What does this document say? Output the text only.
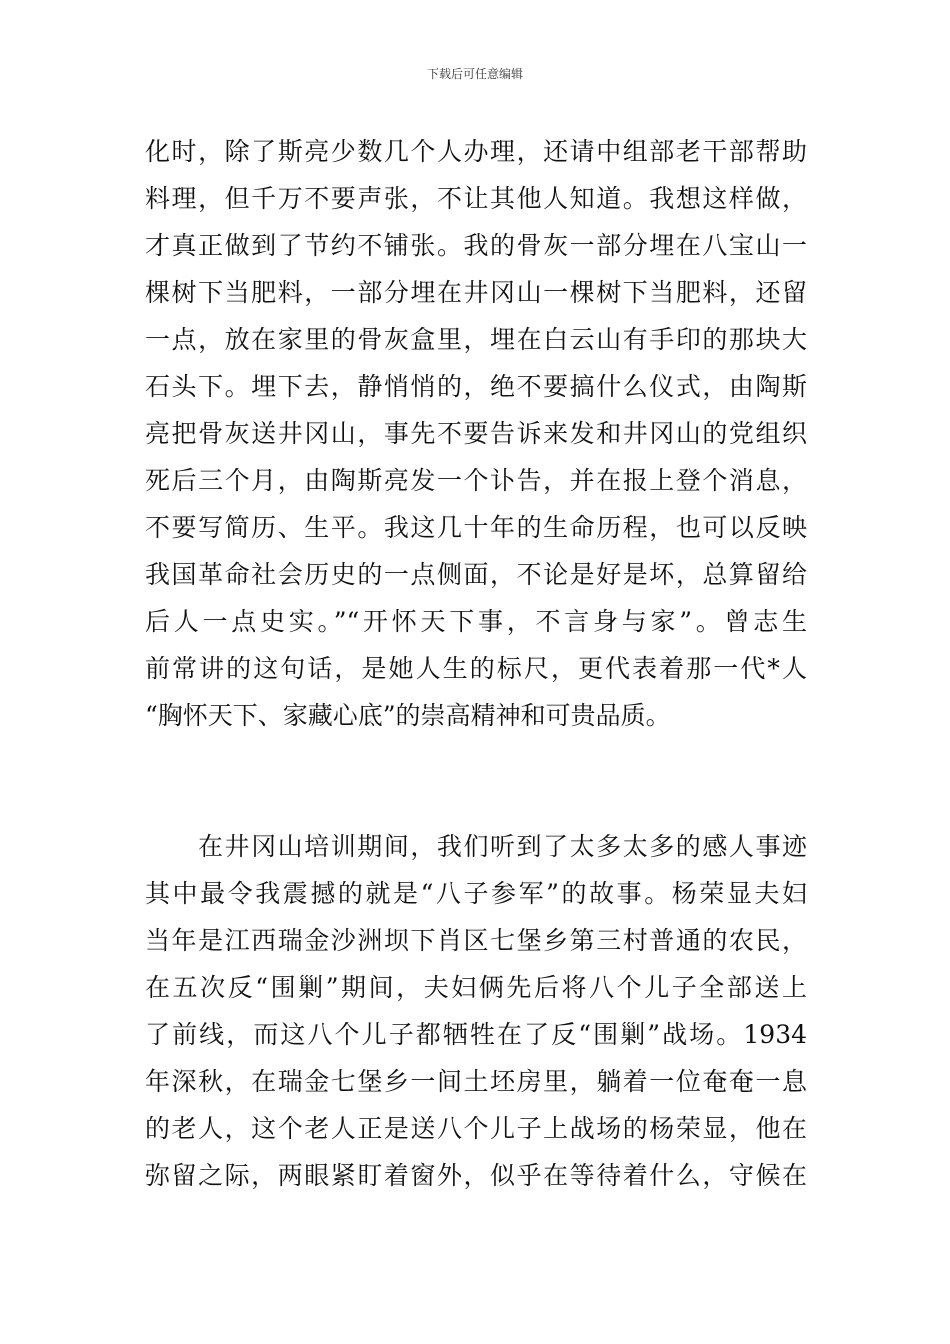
下载后可任意编辑
化时，除了斯亮少数几个人办理，还请中组部老干部帮助
料理，但千万不要声张，不让其他人知道。我想这样做，
才真正做到了节约不铺张。我的骨灰一部分埋在八宝山一
棵树下当肥料，一部分埋在井冈山一棵树下当肥料，还留
一点，放在家里的骨灰盒里，埋在白云山有手印的那块大
石头下。埋下去，静悄悄的，绝不要搞什么仪式，由陶斯
亮把骨灰送井冈山，事先不要告诉来发和井冈山的党组织
死后三个月，由陶斯亮发一个讣告，并在报上登个消息，
不要写简历、生平。我这几十年的生命历程，也可以反映
我国革命社会历史的一点侧面，不论是好是坏，总算留给
后人一点史实。”“开怀天下事，不言身与家”。曾志生
前常讲的这句话，是她人生的标尺，更代表着那一代*人
“胸怀天下、家藏心底”的崇高精神和可贵品质。
在井冈山培训期间，我们听到了太多太多的感人事迹
其中最令我震撼的就是“八子参军”的故事。杨荣显夫妇
当年是江西瑞金沙洲坝下肖区七堡乡第三村普通的农民，
在五次反“围剿”期间，夫妇俩先后将八个儿子全部送上
了前线，而这八个儿子都牺牲在了反“围剿”战场。1934
年深秋，在瑞金七堡乡一间土坯房里，躺着一位奄奄一息
的老人，这个老人正是送八个儿子上战场的杨荣显，他在
弥留之际，两眼紧盯着窗外，似乎在等待着什么，守候在
